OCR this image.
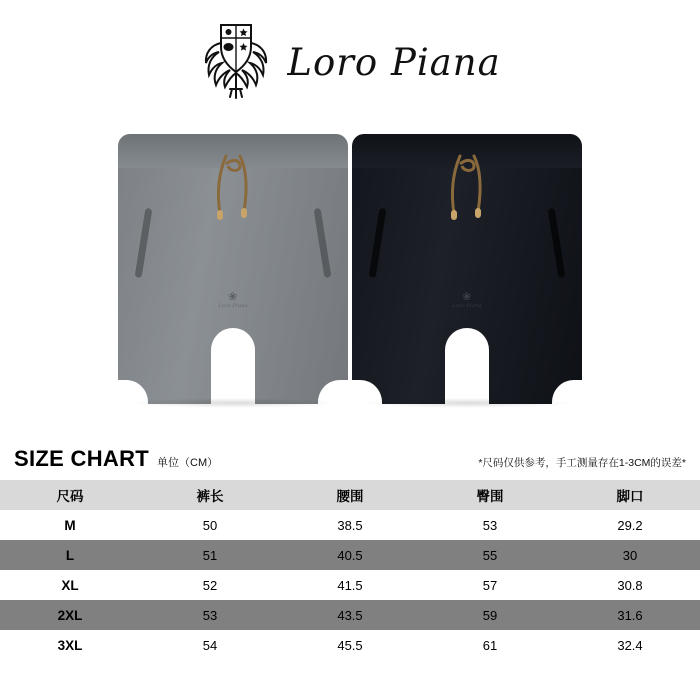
Loro Piana
❀
Loro Piana
❀
Loro Piana
SIZE CHART 单位（CM）	*尺码仅供参考，手工测量存在1-3CM的误差*
尺码	裤长	腰围	臀围	脚口
M	50	38.5	53	29.2
L	51	40.5	55	30
XL	52	41.5	57	30.8
2XL	53	43.5	59	31.6
3XL	54	45.5	61	32.4
